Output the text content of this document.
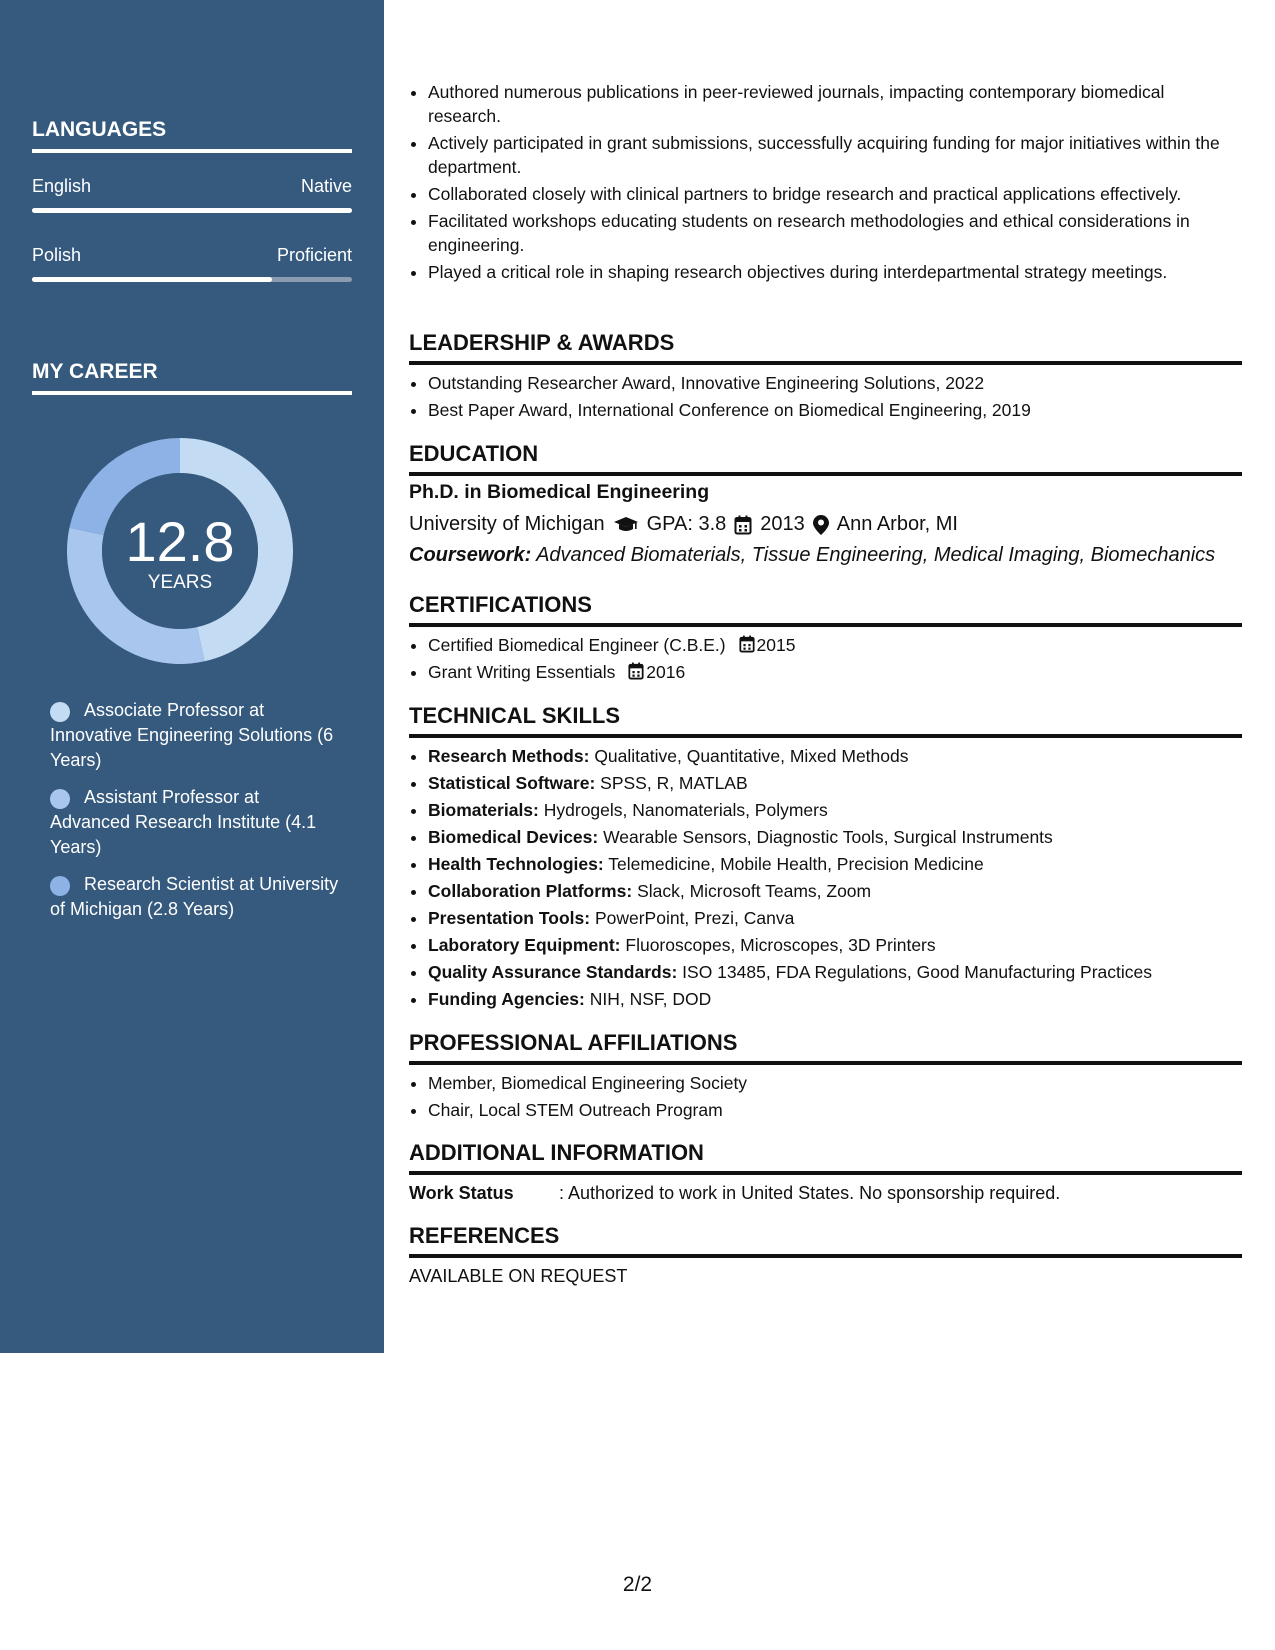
LANGUAGES
English	Native
Polish	Proficient
MY CAREER
12.8
YEARS
Associate Professor at Innovative Engineering Solutions (6 Years)
Assistant Professor at Advanced Research Institute (4.1 Years)
Research Scientist at University of Michigan (2.8 Years)
• Authored numerous publications in peer-reviewed journals, impacting contemporary biomedical research.
• Actively participated in grant submissions, successfully acquiring funding for major initiatives within the department.
• Collaborated closely with clinical partners to bridge research and practical applications effectively.
• Facilitated workshops educating students on research methodologies and ethical considerations in engineering.
• Played a critical role in shaping research objectives during interdepartmental strategy meetings.
LEADERSHIP & AWARDS
• Outstanding Researcher Award, Innovative Engineering Solutions, 2022
• Best Paper Award, International Conference on Biomedical Engineering, 2019
EDUCATION
Ph.D. in Biomedical Engineering
University of Michigan GPA: 3.8 2013 Ann Arbor, MI
Coursework: Advanced Biomaterials, Tissue Engineering, Medical Imaging, Biomechanics
CERTIFICATIONS
• Certified Biomedical Engineer (C.B.E.) 2015
• Grant Writing Essentials 2016
TECHNICAL SKILLS
• Research Methods: Qualitative, Quantitative, Mixed Methods
• Statistical Software: SPSS, R, MATLAB
• Biomaterials: Hydrogels, Nanomaterials, Polymers
• Biomedical Devices: Wearable Sensors, Diagnostic Tools, Surgical Instruments
• Health Technologies: Telemedicine, Mobile Health, Precision Medicine
• Collaboration Platforms: Slack, Microsoft Teams, Zoom
• Presentation Tools: PowerPoint, Prezi, Canva
• Laboratory Equipment: Fluoroscopes, Microscopes, 3D Printers
• Quality Assurance Standards: ISO 13485, FDA Regulations, Good Manufacturing Practices
• Funding Agencies: NIH, NSF, DOD
PROFESSIONAL AFFILIATIONS
• Member, Biomedical Engineering Society
• Chair, Local STEM Outreach Program
ADDITIONAL INFORMATION
Work Status	: Authorized to work in United States. No sponsorship required.
REFERENCES
AVAILABLE ON REQUEST
2/2
